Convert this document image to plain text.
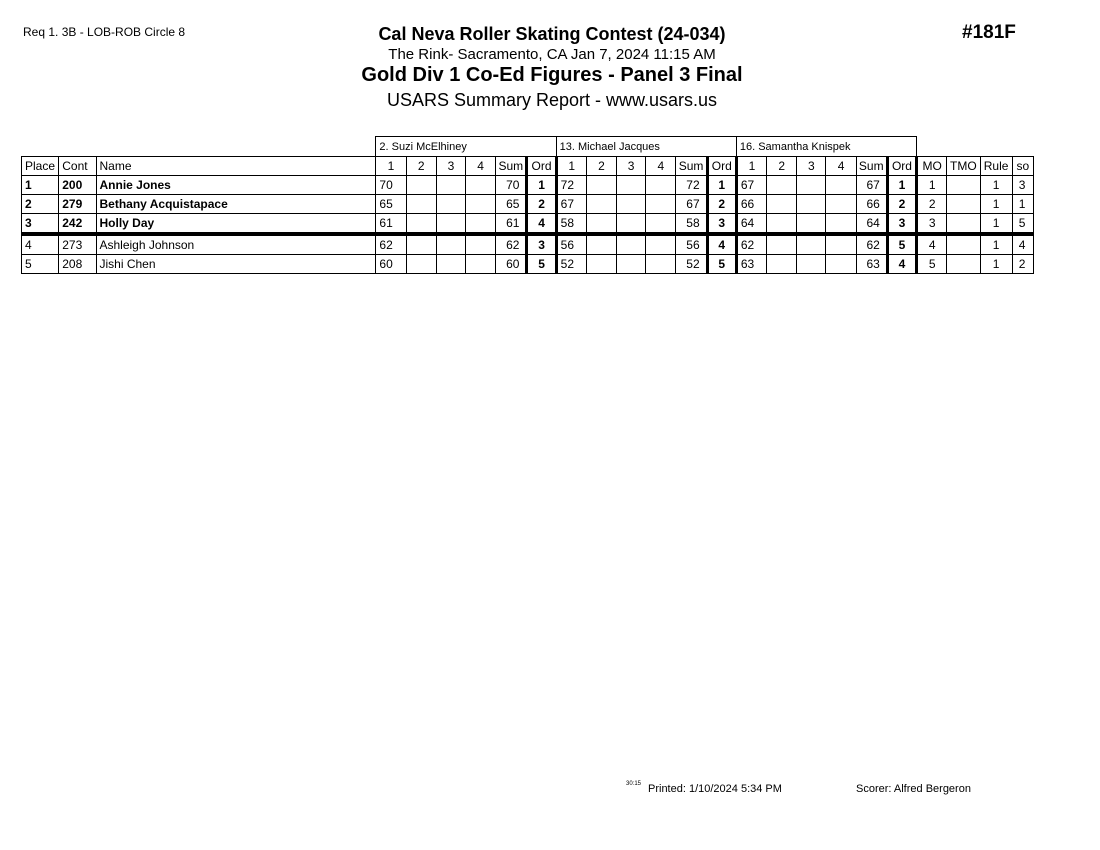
Req 1. 3B - LOB-ROB Circle 8	Cal Neva Roller Skating Contest (24-034)
The Rink- Sacramento, CA Jan 7, 2024 11:15 AM
Gold Div 1 Co-Ed Figures - Panel 3 Final
USARS Summary Report - www.usars.us
#181F
			2. Suzi McElhiney						13. Michael Jacques						16. Samantha Knispek									
Place	Cont	Name	1	2	3	4	Sum	Ord	1	2	3	4	Sum	Ord	1	2	3	4	Sum	Ord	MO	TMO	Rule	so
1	200	Annie Jones	70				70	1	72				72	1	67				67	1	1		1	3
2	279	Bethany Acquistapace	65				65	2	67				67	2	66				66	2	2		1	1
3	242	Holly Day	61				61	4	58				58	3	64				64	3	3		1	5
4	273	Ashleigh Johnson	62				62	3	56				56	4	62				62	5	4		1	4
5	208	Jishi Chen	60				60	5	52				52	5	63				63	4	5		1	2
30:15 Printed: 1/10/2024 5:34 PM	Scorer: Alfred Bergeron
